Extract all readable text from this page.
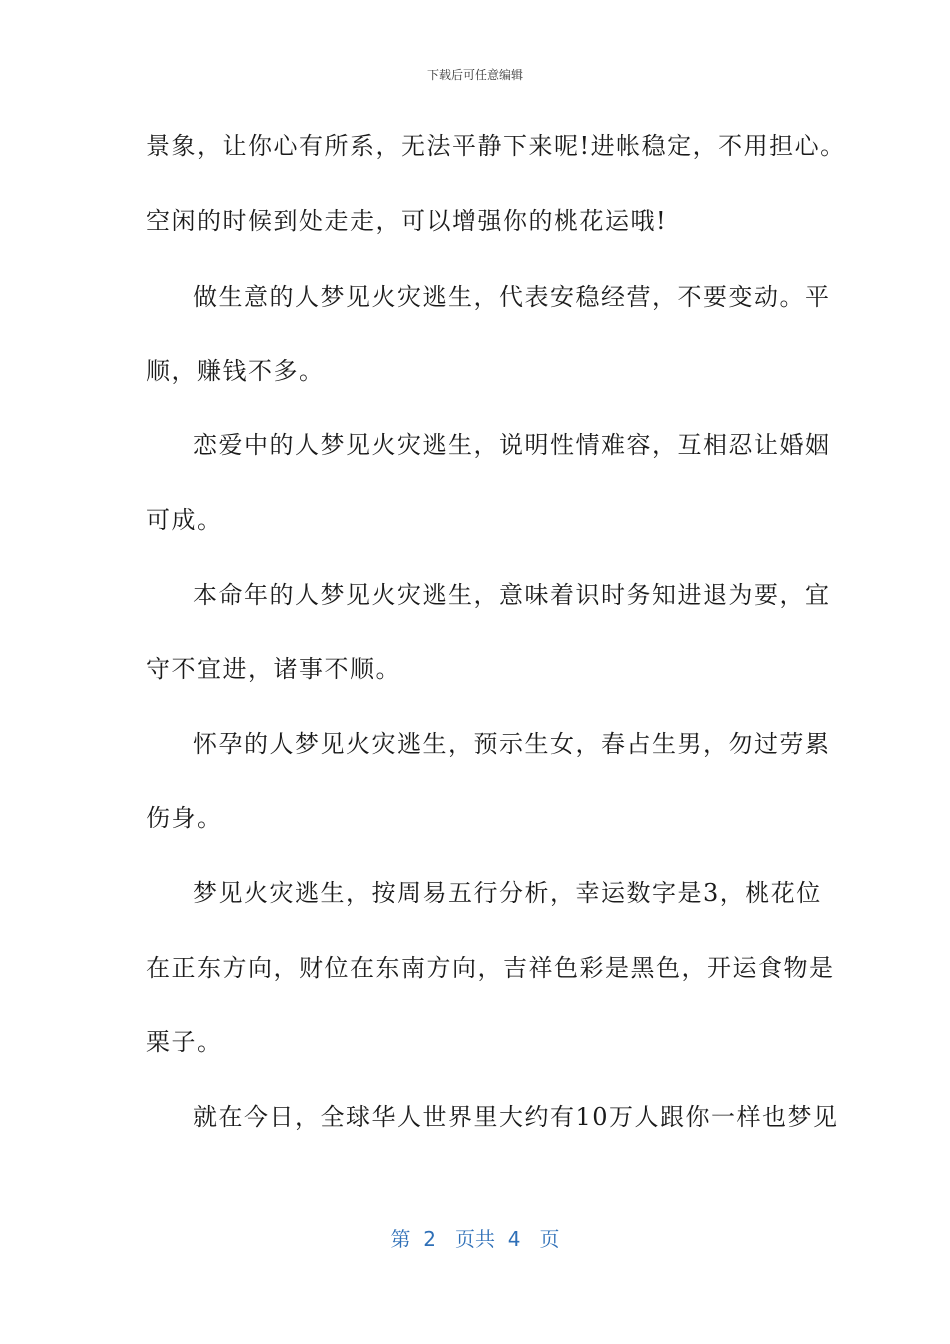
下载后可任意编辑
景象，让你心有所系，无法平静下来呢!进帐稳定，不用担心。
空闲的时候到处走走，可以增强你的桃花运哦!
做生意的人梦见火灾逃生，代表安稳经营，不要变动。平
顺，赚钱不多。
恋爱中的人梦见火灾逃生，说明性情难容，互相忍让婚姻
可成。
本命年的人梦见火灾逃生，意味着识时务知进退为要，宜
守不宜进，诸事不顺。
怀孕的人梦见火灾逃生，预示生女，春占生男，勿过劳累
伤身。
梦见火灾逃生，按周易五行分析，幸运数字是3，桃花位
在正东方向，财位在东南方向，吉祥色彩是黑色，开运食物是
栗子。
就在今日，全球华人世界里大约有10万人跟你一样也梦见
第  2   页共  4   页
